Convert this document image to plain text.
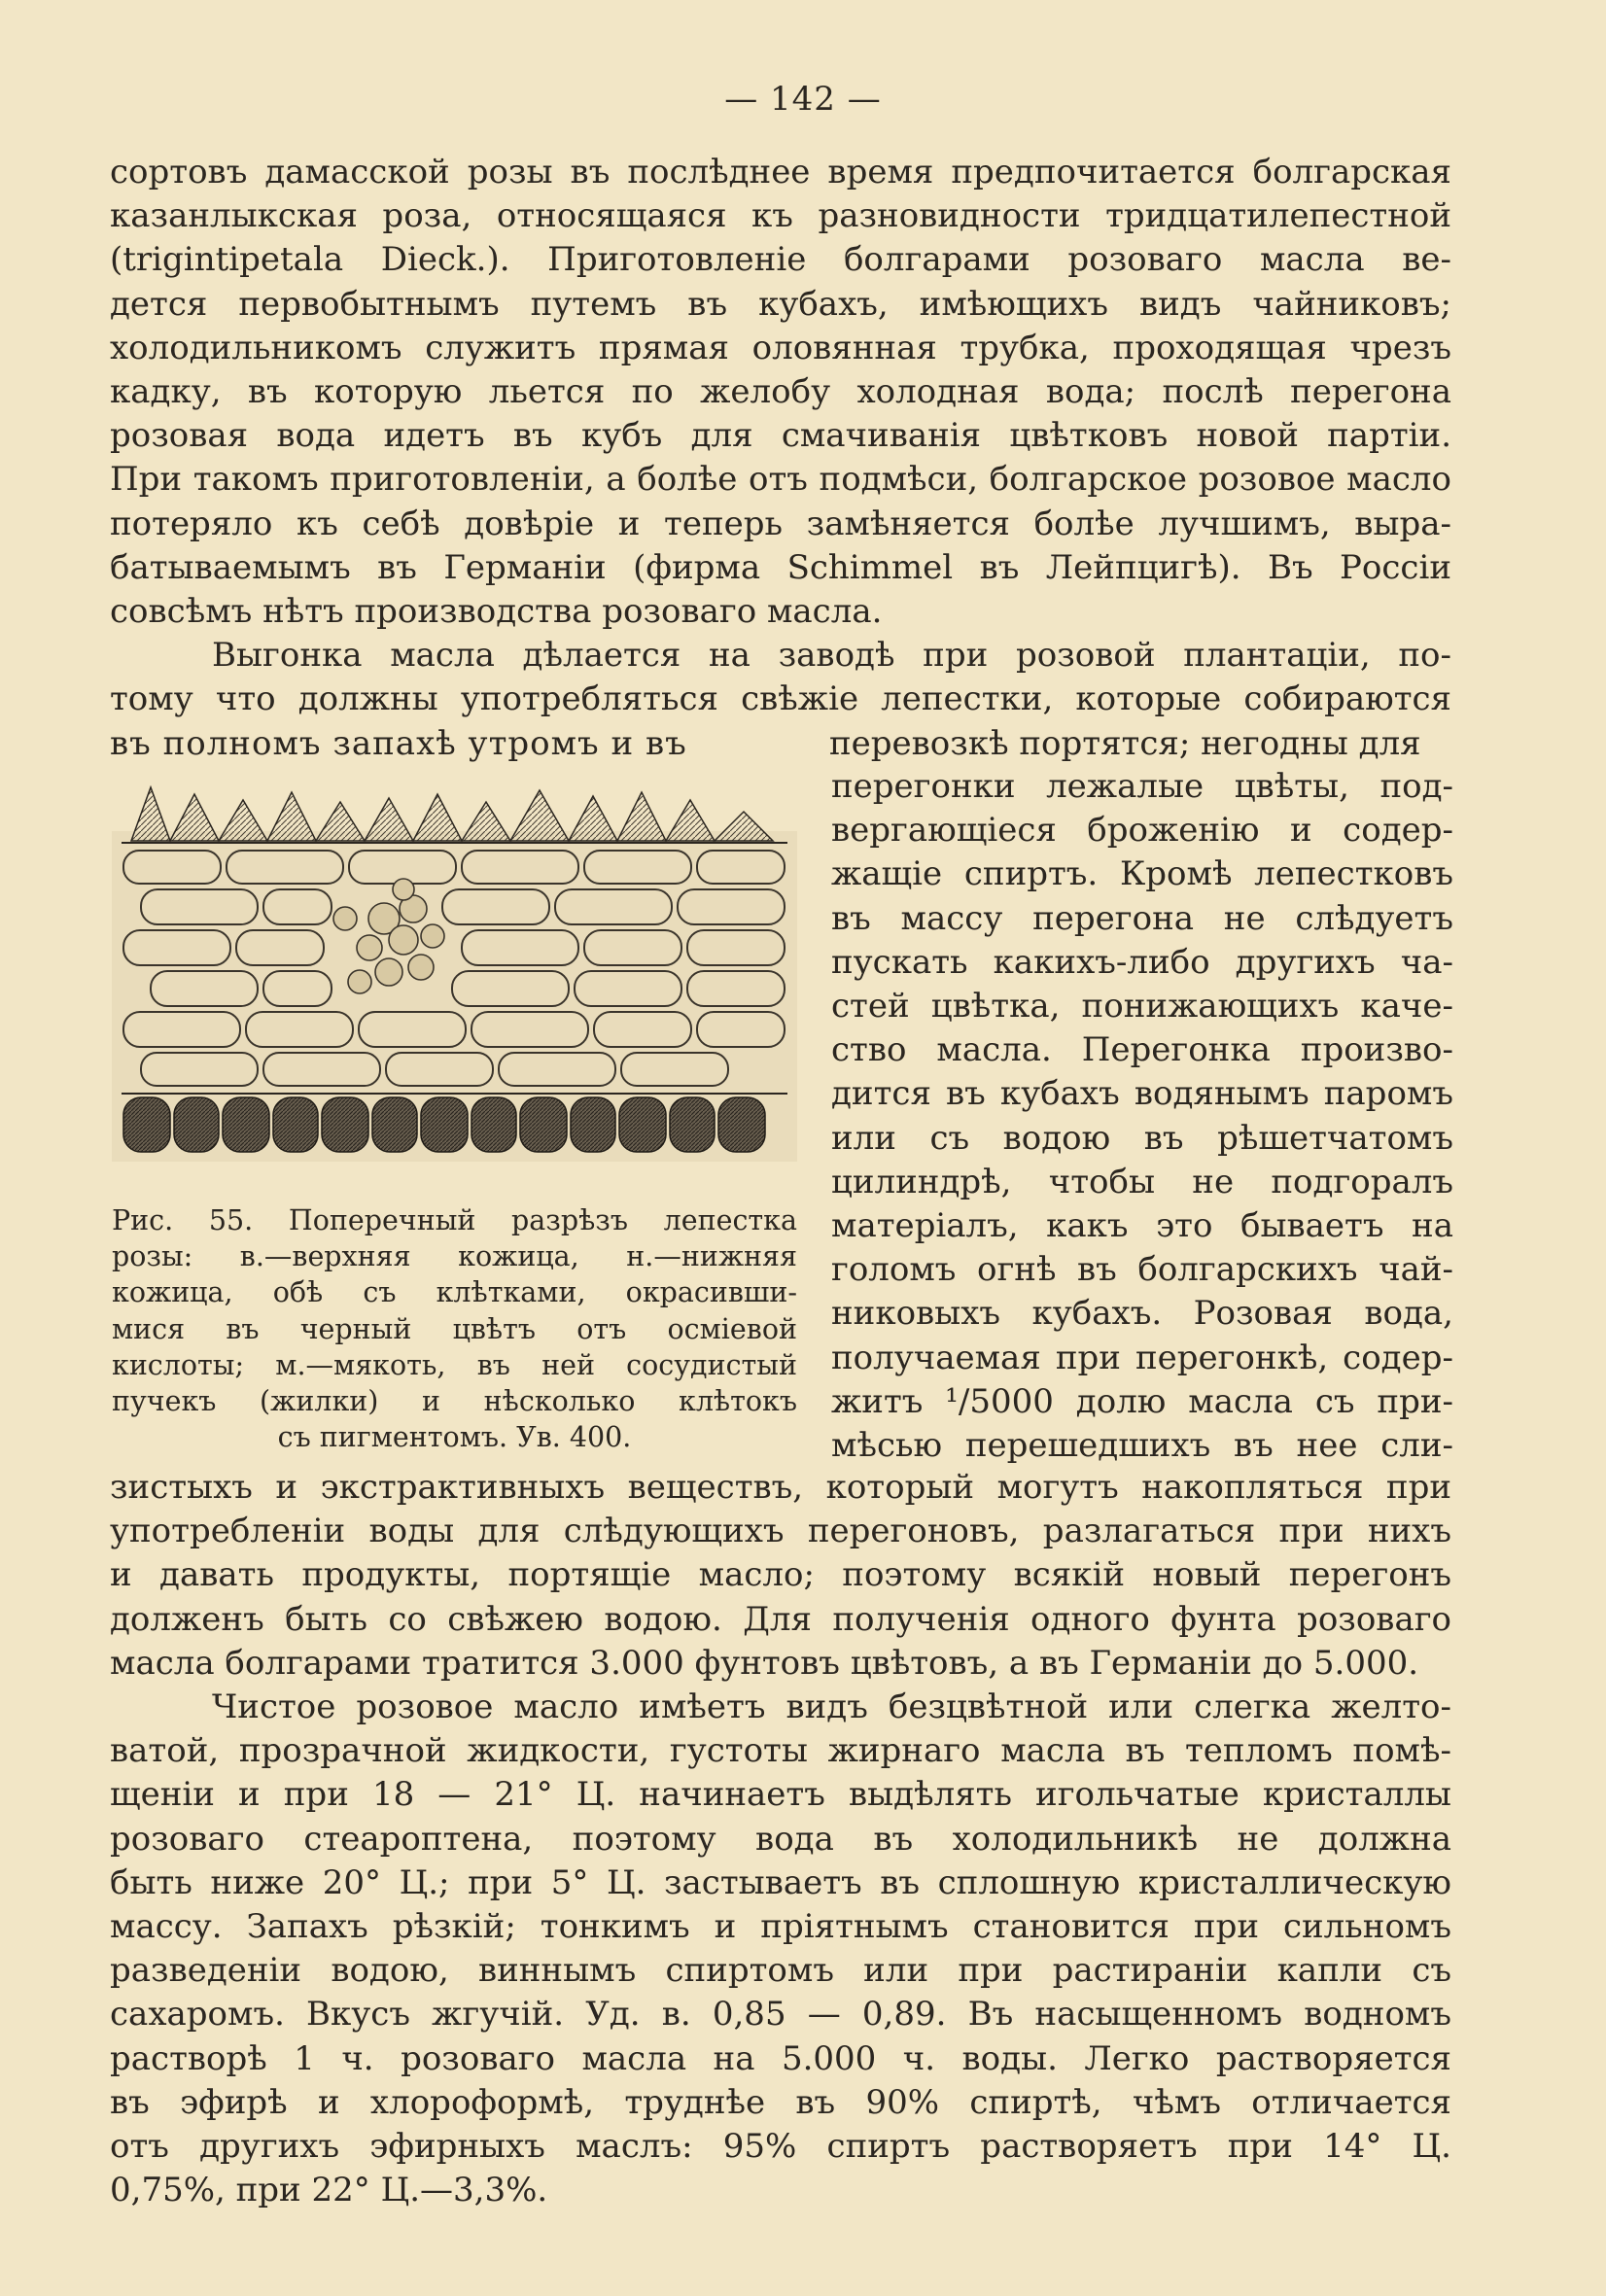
— 142 —

сортовъ дамасской розы въ послѣднее время предпочитается болгарская
казанлыкская роза, относящаяся къ разновидности тридцатилепестной
(trigintipetala Dieck.). Приготовленіе болгарами розоваго масла ве-
дется первобытнымъ путемъ въ кубахъ, имѣющихъ видъ чайниковъ;
холодильникомъ служитъ прямая оловянная трубка, проходящая чрезъ
кадку, въ которую льется по желобу холодная вода; послѣ перегона
розовая вода идетъ въ кубъ для смачиванія цвѣтковъ новой партіи.
При такомъ приготовленіи, а болѣе отъ подмѣси, болгарское розовое масло
потеряло къ себѣ довѣріе и теперь замѣняется болѣе лучшимъ, выра-
батываемымъ въ Германіи (фирма Schimmel въ Лейпцигѣ). Въ Россіи
совсѣмъ нѣтъ производства розоваго масла.

Выгонка масла дѣлается на заводѣ при розовой плантаціи, по-
тому что должны употребляться свѣжіе лепестки, которые собираются
въ полномъ запахѣ утромъ и въ	перевозкѣ портятся; негодны для

Рис. 55. Поперечный разрѣзъ лепестка
розы: в.—верхняя кожица, н.—нижняя
кожица, обѣ съ клѣтками, окрасивши-
мися въ черный цвѣтъ отъ осміевой
кислоты; м.—мякоть, въ ней сосудистый
пучекъ (жилки) и нѣсколько клѣтокъ
съ пигментомъ. Ув. 400.

перегонки лежалые цвѣты, под-
вергающіеся броженію и содер-
жащіе спиртъ. Кромѣ лепестковъ
въ массу перегона не слѣдуетъ
пускать какихъ-либо другихъ ча-
стей цвѣтка, понижающихъ каче-
ство масла. Перегонка произво-
дится въ кубахъ водянымъ паромъ
или съ водою въ рѣшетчатомъ
цилиндрѣ, чтобы не подгоралъ
матеріалъ, какъ это бываетъ на
голомъ огнѣ въ болгарскихъ чай-
никовыхъ кубахъ. Розовая вода,
получаемая при перегонкѣ, содер-
житъ ¹/5000 долю масла съ при-
мѣсью перешедшихъ въ нее сли-

зистыхъ и экстрактивныхъ веществъ, который могутъ накопляться при
употребленіи воды для слѣдующихъ перегоновъ, разлагаться при нихъ
и давать продукты, портящіе масло; поэтому всякій новый перегонъ
долженъ быть со свѣжею водою. Для полученія одного фунта розоваго
масла болгарами тратится 3.000 фунтовъ цвѣтовъ, а въ Германіи до 5.000.

Чистое розовое масло имѣетъ видъ безцвѣтной или слегка желто-
ватой, прозрачной жидкости, густоты жирнаго масла въ тепломъ помѣ-
щеніи и при 18 — 21° Ц. начинаетъ выдѣлять игольчатые кристаллы
розоваго стеароптена, поэтому вода въ холодильникѣ не должна
быть ниже 20° Ц.; при 5° Ц. застываетъ въ сплошную кристаллическую
массу. Запахъ рѣзкій; тонкимъ и пріятнымъ становится при сильномъ
разведеніи водою, виннымъ спиртомъ или при растираніи капли съ
сахаромъ. Вкусъ жгучій. Уд. в. 0,85 — 0,89. Въ насыщенномъ водномъ
растворѣ 1 ч. розоваго масла на 5.000 ч. воды. Легко растворяется
въ эфирѣ и хлороформѣ, труднѣе въ 90% спиртѣ, чѣмъ отличается
отъ другихъ эфирныхъ маслъ: 95% спиртъ растворяетъ при 14° Ц.
0,75%, при 22° Ц.—3,3%.
